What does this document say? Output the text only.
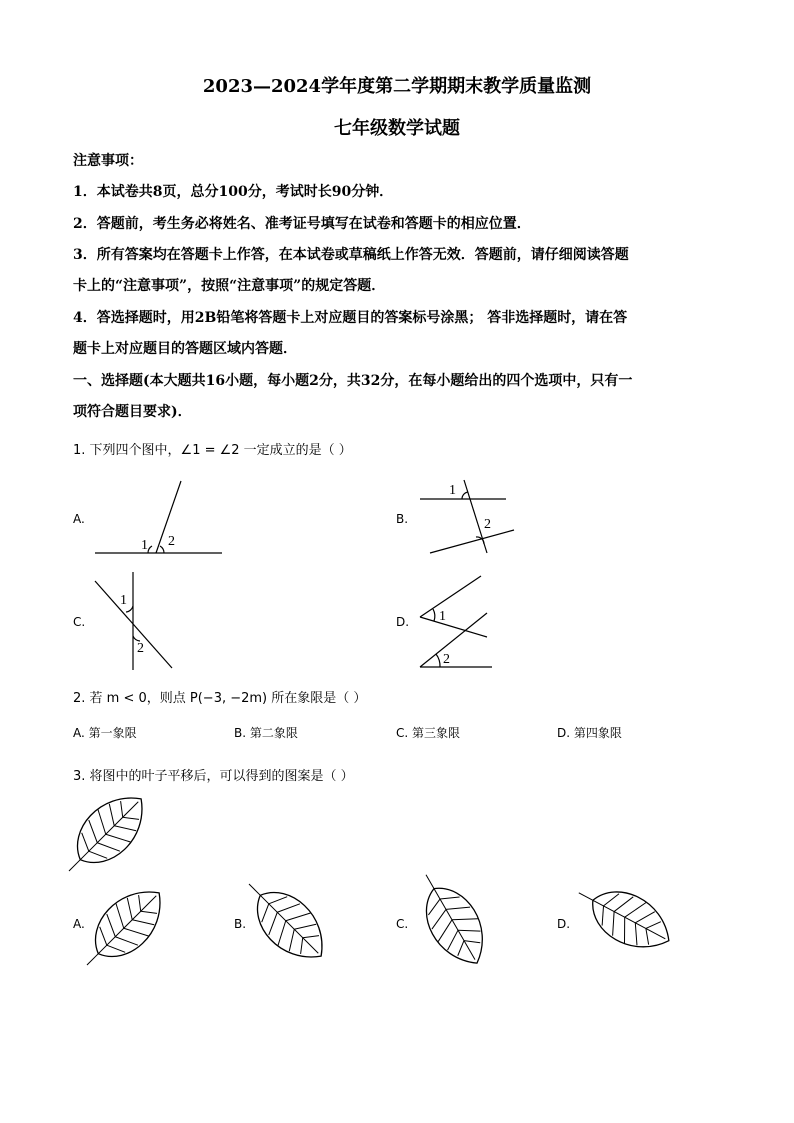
2023—2024学年度第二学期期末教学质量监测
七年级数学试题
注意事项：
1．本试卷共8页，总分100分，考试时长90分钟．
2．答题前，考生务必将姓名、准考证号填写在试卷和答题卡的相应位置．
3．所有答案均在答题卡上作答，在本试卷或草稿纸上作答无效．答题前，请仔细阅读答题
卡上的“注意事项”，按照“注意事项”的规定答题．
4．答选择题时，用2B铅笔将答题卡上对应题目的答案标号涂黑； 答非选择题时，请在答
题卡上对应题目的答题区域内答题．
一、选择题(本大题共16小题，每小题2分，共32分，在每小题给出的四个选项中，只有一
项符合题目要求)．
1. 下列四个图中，∠1 = ∠2 一定成立的是（ ）
A.
1 2
B.
1
2
C.
1
2
D. 1
2
2. 若 m < 0，则点 P(−3, −2m) 所在象限是（ ）
A. 第一象限	B. 第二象限	C. 第三象限	D. 第四象限
3. 将图中的叶子平移后，可以得到的图案是（ ）
A.	B.	C.	D.
